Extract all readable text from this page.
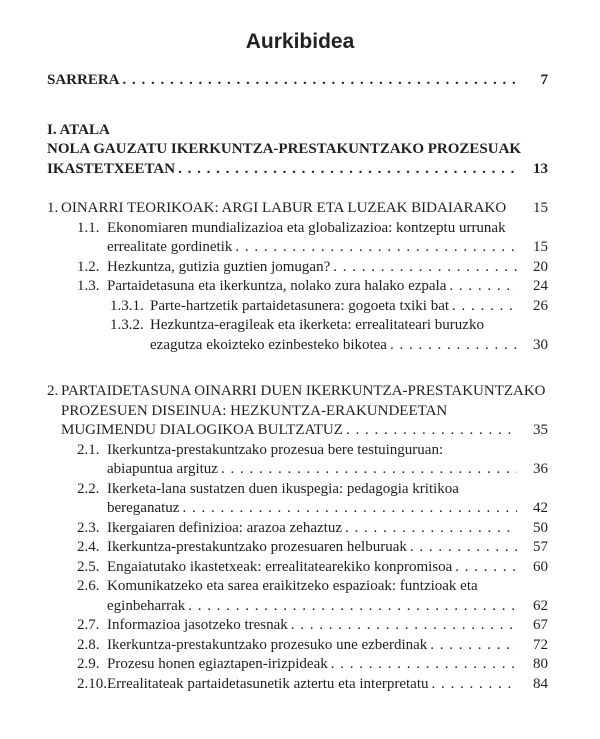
Aurkibidea
SARRERA . . .	7
I. ATALA
NOLA GAUZATU IKERKUNTZA-PRESTAKUNTZAKO PROZESUAK
IKASTETXEETAN . . .	13
1. OINARRI TEORIKOAK: ARGI LABUR ETA LUZEAK BIDAIARAKO	15
1.1. Ekonomiaren mundializazioa eta globalizazioa: kontzeptu urrunak
errealitate gordinetik . . .	15
1.2. Hezkuntza, gutizia guztien jomugan? . . .	20
1.3. Partaidetasuna eta ikerkuntza, nolako zura halako ezpala . . .	24
1.3.1. Parte-hartzetik partaidetasunera: gogoeta txiki bat . . .	26
1.3.2. Hezkuntza-eragileak eta ikerketa: errealitateari buruzko
ezagutza ekoizteko ezinbesteko bikotea . . .	30
2. PARTAIDETASUNA OINARRI DUEN IKERKUNTZA-PRESTAKUNTZAKO
PROZESUEN DISEINUA: HEZKUNTZA-ERAKUNDEETAN
MUGIMENDU DIALOGIKOA BULTZATUZ . . .	35
2.1. Ikerkuntza-prestakuntzako prozesua bere testuinguruan:
abiapuntua argituz . . .	36
2.2. Ikerketa-lana sustatzen duen ikuspegia: pedagogia kritikoa
bereganatuz . . .	42
2.3. Ikergaiaren definizioa: arazoa zehaztuz . . .	50
2.4. Ikerkuntza-prestakuntzako prozesuaren helburuak . . .	57
2.5. Engaiatutako ikastetxeak: errealitatearekiko konpromisoa . . .	60
2.6. Komunikatzeko eta sarea eraikitzeko espazioak: funtzioak eta
eginbeharrak . . .	62
2.7. Informazioa jasotzeko tresnak . . .	67
2.8. Ikerkuntza-prestakuntzako prozesuko une ezberdinak . . .	72
2.9. Prozesu honen egiaztapen-irizpideak . . .	80
2.10. Errealitateak partaidetasunetik aztertu eta interpretatu . . .	84
